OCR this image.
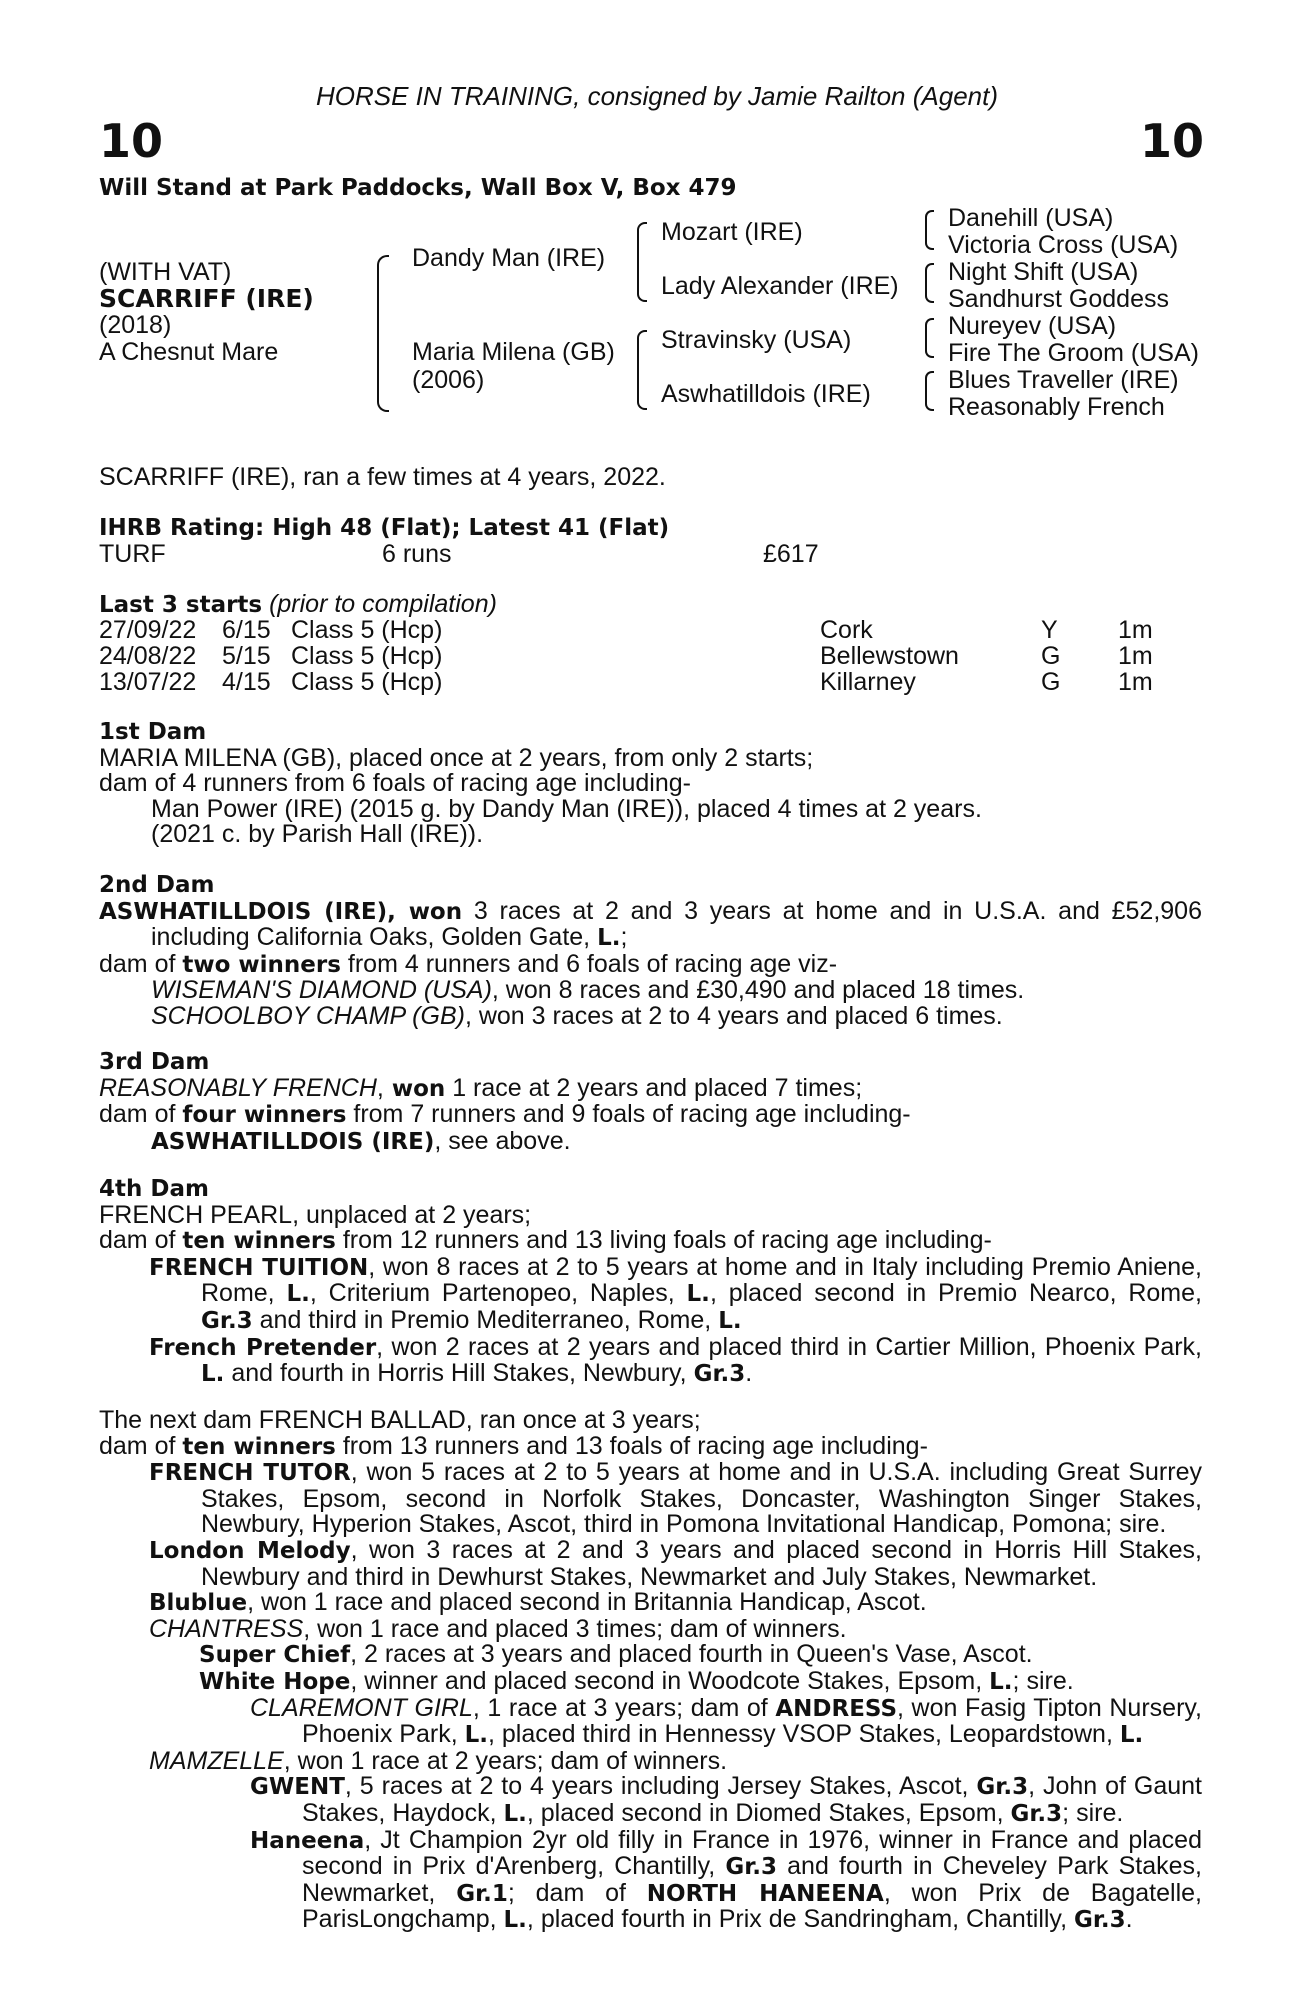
HORSE IN TRAINING, consigned by Jamie Railton (Agent)
10	10
Will Stand at Park Paddocks, Wall Box V, Box 479
(WITH VAT)
SCARRIFF (IRE)
(2018)
A Chesnut Mare
Dandy Man (IRE)
Maria Milena (GB)
(2006)
Mozart (IRE)
Lady Alexander (IRE)
Stravinsky (USA)
Aswhatilldois (IRE)
Danehill (USA)
Victoria Cross (USA)
Night Shift (USA)
Sandhurst Goddess
Nureyev (USA)
Fire The Groom (USA)
Blues Traveller (IRE)
Reasonably French
SCARRIFF (IRE), ran a few times at 4 years, 2022.
IHRB Rating: High 48 (Flat); Latest 41 (Flat)
TURF	6 runs	£617
Last 3 starts (prior to compilation)
27/09/22 6/15 Class 5 (Hcp)	Cork	Y 1m
24/08/22 5/15 Class 5 (Hcp)	Bellewstown	G 1m
13/07/22 4/15 Class 5 (Hcp)	Killarney	G 1m

1st Dam

MARIA MILENA (GB), placed once at 2 years, from only 2 starts;

dam of 4 runners from 6 foals of racing age including-

Man Power (IRE) (2015 g. by Dandy Man (IRE)), placed 4 times at 2 years.

(2021 c. by Parish Hall (IRE)).

2nd Dam

ASWHATILLDOIS (IRE), won 3 races at 2 and 3 years at home and in U.S.A. and £52,906 including California Oaks, Golden Gate, L.;

dam of two winners from 4 runners and 6 foals of racing age viz-

WISEMAN'S DIAMOND (USA), won 8 races and £30,490 and placed 18 times.

SCHOOLBOY CHAMP (GB), won 3 races at 2 to 4 years and placed 6 times.

3rd Dam

REASONABLY FRENCH, won 1 race at 2 years and placed 7 times;

dam of four winners from 7 runners and 9 foals of racing age including-

ASWHATILLDOIS (IRE), see above.

4th Dam

FRENCH PEARL, unplaced at 2 years;

dam of ten winners from 12 runners and 13 living foals of racing age including-

FRENCH TUITION, won 8 races at 2 to 5 years at home and in Italy including Premio Aniene, Rome, L., Criterium Partenopeo, Naples, L., placed second in Premio Nearco, Rome, Gr.3 and third in Premio Mediterraneo, Rome, L.

French Pretender, won 2 races at 2 years and placed third in Cartier Million, Phoenix Park, L. and fourth in Horris Hill Stakes, Newbury, Gr.3.

The next dam FRENCH BALLAD, ran once at 3 years;

dam of ten winners from 13 runners and 13 foals of racing age including-

FRENCH TUTOR, won 5 races at 2 to 5 years at home and in U.S.A. including Great Surrey Stakes, Epsom, second in Norfolk Stakes, Doncaster, Washington Singer Stakes, Newbury, Hyperion Stakes, Ascot, third in Pomona Invitational Handicap, Pomona; sire.

London Melody, won 3 races at 2 and 3 years and placed second in Horris Hill Stakes, Newbury and third in Dewhurst Stakes, Newmarket and July Stakes, Newmarket.

Blublue, won 1 race and placed second in Britannia Handicap, Ascot.

CHANTRESS, won 1 race and placed 3 times; dam of winners.

Super Chief, 2 races at 3 years and placed fourth in Queen's Vase, Ascot.

White Hope, winner and placed second in Woodcote Stakes, Epsom, L.; sire.

CLAREMONT GIRL, 1 race at 3 years; dam of ANDRESS, won Fasig Tipton Nursery, Phoenix Park, L., placed third in Hennessy VSOP Stakes, Leopardstown, L.

MAMZELLE, won 1 race at 2 years; dam of winners.

GWENT, 5 races at 2 to 4 years including Jersey Stakes, Ascot, Gr.3, John of Gaunt Stakes, Haydock, L., placed second in Diomed Stakes, Epsom, Gr.3; sire.

Haneena, Jt Champion 2yr old filly in France in 1976, winner in France and placed second in Prix d'Arenberg, Chantilly, Gr.3 and fourth in Cheveley Park Stakes, Newmarket, Gr.1; dam of NORTH HANEENA, won Prix de Bagatelle, ParisLongchamp, L., placed fourth in Prix de Sandringham, Chantilly, Gr.3.
